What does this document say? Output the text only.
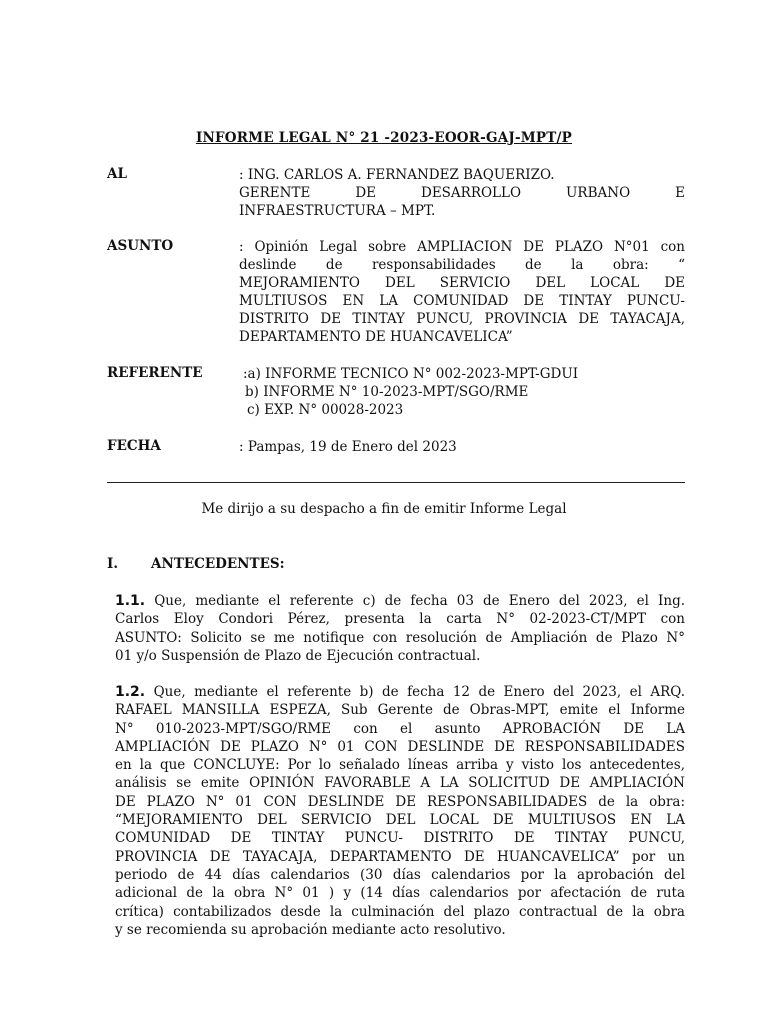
INFORME LEGAL N° 21 -2023-EOOR-GAJ-MPT/P
AL	: ING. CARLOS A. FERNANDEZ BAQUERIZO.
GERENTE DE DESARROLLO URBANO E
INFRAESTRUCTURA – MPT.
ASUNTO	: Opinión Legal sobre AMPLIACION DE PLAZO N°01 con
deslinde de responsabilidades de la obra: “
MEJORAMIENTO DEL SERVICIO DEL LOCAL DE
MULTIUSOS EN LA COMUNIDAD DE TINTAY PUNCU-
DISTRITO DE TINTAY PUNCU, PROVINCIA DE TAYACAJA,
DEPARTAMENTO DE HUANCAVELICA”
REFERENTE	:a) INFORME TECNICO N° 002-2023-MPT-GDUI
b) INFORME N° 10-2023-MPT/SGO/RME
c) EXP. N° 00028-2023
FECHA	: Pampas, 19 de Enero del 2023
Me dirijo a su despacho a fin de emitir Informe Legal
I. ANTECEDENTES:
1.1. Que, mediante el referente c) de fecha 03 de Enero del 2023, el Ing.
Carlos Eloy Condori Pérez, presenta la carta N° 02-2023-CT/MPT con
ASUNTO: Solicito se me notifique con resolución de Ampliación de Plazo N°
01 y/o Suspensión de Plazo de Ejecución contractual.
1.2. Que, mediante el referente b) de fecha 12 de Enero del 2023, el ARQ.
RAFAEL MANSILLA ESPEZA, Sub Gerente de Obras-MPT, emite el Informe
N° 010-2023-MPT/SGO/RME con el asunto APROBACIÓN DE LA
AMPLIACIÓN DE PLAZO N° 01 CON DESLINDE DE RESPONSABILIDADES
en la que CONCLUYE: Por lo señalado líneas arriba y visto los antecedentes,
análisis se emite OPINIÓN FAVORABLE A LA SOLICITUD DE AMPLIACIÓN
DE PLAZO N° 01 CON DESLINDE DE RESPONSABILIDADES de la obra:
“MEJORAMIENTO DEL SERVICIO DEL LOCAL DE MULTIUSOS EN LA
COMUNIDAD DE TINTAY PUNCU- DISTRITO DE TINTAY PUNCU,
PROVINCIA DE TAYACAJA, DEPARTAMENTO DE HUANCAVELICA” por un
periodo de 44 días calendarios (30 días calendarios por la aprobación del
adicional de la obra N° 01 ) y (14 días calendarios por afectación de ruta
crítica) contabilizados desde la culminación del plazo contractual de la obra
y se recomienda su aprobación mediante acto resolutivo.
